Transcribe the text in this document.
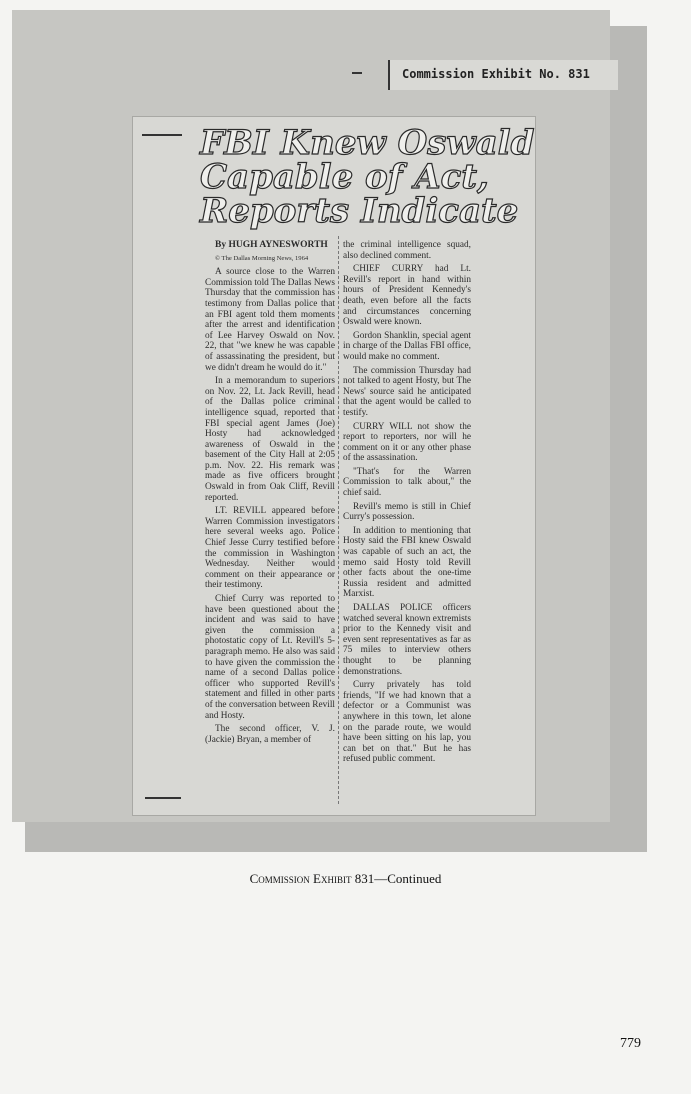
Commission Exhibit No. 831
FBI Knew Oswald
Capable of Act,
Reports Indicate

By HUGH AYNESWORTH

© The Dallas Morning News, 1964

A source close to the Warren Commission told The Dallas News Thursday that the commission has testimony from Dallas police that an FBI agent told them moments after the arrest and identification of Lee Harvey Oswald on Nov. 22, that "we knew he was capable of assassinating the president, but we didn't dream he would do it."

In a memorandum to superiors on Nov. 22, Lt. Jack Revill, head of the Dallas police criminal intelligence squad, reported that FBI special agent James (Joe) Hosty had acknowledged awareness of Oswald in the basement of the City Hall at 2:05 p.m. Nov. 22. His remark was made as five officers brought Oswald in from Oak Cliff, Revill reported.

LT. REVILL appeared before Warren Commission investigators here several weeks ago. Police Chief Jesse Curry testified before the commission in Washington Wednesday. Neither would comment on their appearance or their testimony.

Chief Curry was reported to have been questioned about the incident and was said to have given the commission a photostatic copy of Lt. Revill's 5-paragraph memo. He also was said to have given the commission the name of a second Dallas police officer who supported Revill's statement and filled in other parts of the conversation between Revill and Hosty.

The second officer, V. J. (Jackie) Bryan, a member of

the criminal intelligence squad, also declined comment.

CHIEF CURRY had Lt. Revill's report in hand within hours of President Kennedy's death, even before all the facts and circumstances concerning Oswald were known.

Gordon Shanklin, special agent in charge of the Dallas FBI office, would make no comment.

The commission Thursday had not talked to agent Hosty, but The News' source said he anticipated that the agent would be called to testify.

CURRY WILL not show the report to reporters, nor will he comment on it or any other phase of the assassination.

"That's for the Warren Commission to talk about," the chief said.

Revill's memo is still in Chief Curry's possession.

In addition to mentioning that Hosty said the FBI knew Oswald was capable of such an act, the memo said Hosty told Revill other facts about the one-time Russia resident and admitted Marxist.

DALLAS POLICE officers watched several known extremists prior to the Kennedy visit and even sent representatives as far as 75 miles to interview others thought to be planning demonstrations.

Curry privately has told friends, "If we had known that a defector or a Communist was anywhere in this town, let alone on the parade route, we would have been sitting on his lap, you can bet on that." But he has refused public comment.

Commission Exhibit 831—Continued
779
